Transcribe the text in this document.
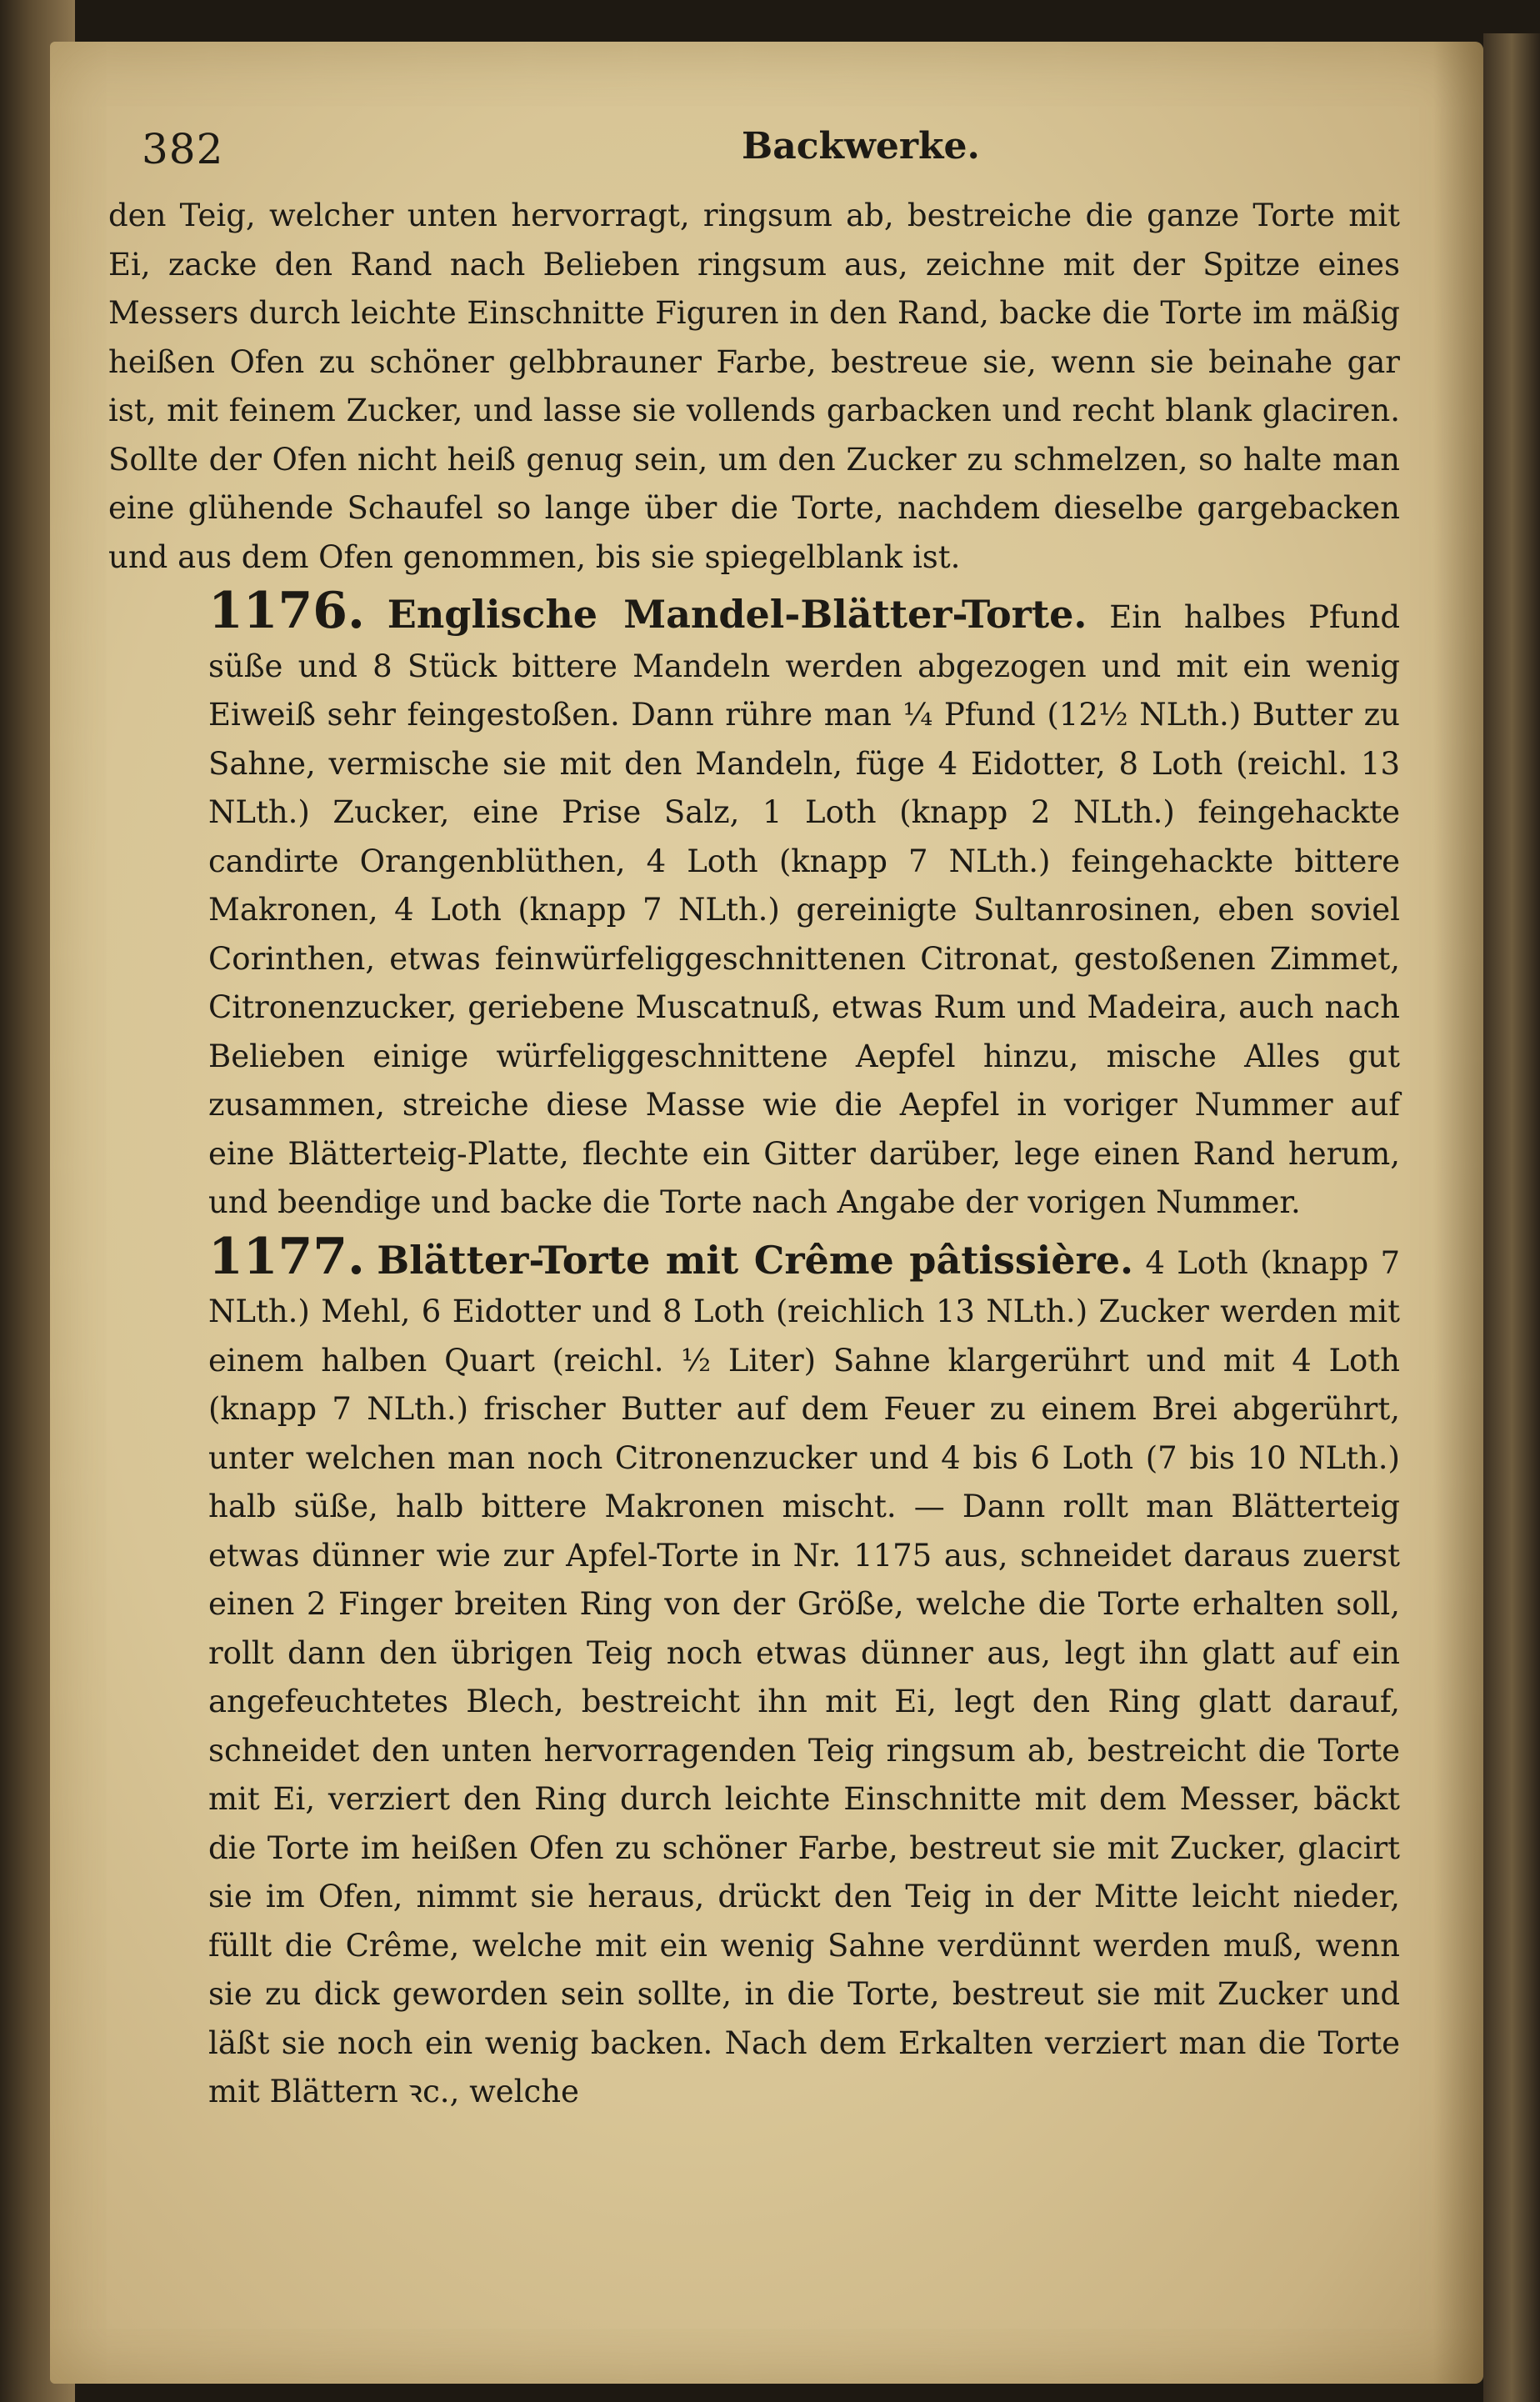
382	Backwerke.

den Teig, welcher unten hervorragt, ringsum ab, bestreiche die ganze Torte mit Ei, zacke den Rand nach Belieben ringsum aus, zeichne mit der Spitze eines Messers durch leichte Einschnitte Figuren in den Rand, backe die Torte im mäßig heißen Ofen zu schöner gelbbrauner Farbe, bestreue sie, wenn sie beinahe gar ist, mit feinem Zucker, und lasse sie vollends garbacken und recht blank glaciren. Sollte der Ofen nicht heiß genug sein, um den Zucker zu schmelzen, so halte man eine glühende Schaufel so lange über die Torte, nachdem dieselbe gargebacken und aus dem Ofen genommen, bis sie spiegelblank ist.

1176. Englische Mandel-Blätter-Torte. Ein halbes Pfund süße und 8 Stück bittere Mandeln werden abgezogen und mit ein wenig Eiweiß sehr feingestoßen. Dann rühre man ¼ Pfund (12½ NLth.) Butter zu Sahne, vermische sie mit den Mandeln, füge 4 Eidotter, 8 Loth (reichl. 13 NLth.) Zucker, eine Prise Salz, 1 Loth (knapp 2 NLth.) feingehackte candirte Orangenblüthen, 4 Loth (knapp 7 NLth.) feingehackte bittere Makronen, 4 Loth (knapp 7 NLth.) gereinigte Sultanrosinen, eben soviel Corinthen, etwas feinwürfeliggeschnittenen Citronat, gestoßenen Zimmet, Citronenzucker, geriebene Muscatnuß, etwas Rum und Madeira, auch nach Belieben einige würfeliggeschnittene Aepfel hinzu, mische Alles gut zusammen, streiche diese Masse wie die Aepfel in voriger Nummer auf eine Blätterteig-Platte, flechte ein Gitter darüber, lege einen Rand herum, und beendige und backe die Torte nach Angabe der vorigen Nummer.

1177. Blätter-Torte mit Crême pâtissière. 4 Loth (knapp 7 NLth.) Mehl, 6 Eidotter und 8 Loth (reichlich 13 NLth.) Zucker werden mit einem halben Quart (reichl. ½ Liter) Sahne klargerührt und mit 4 Loth (knapp 7 NLth.) frischer Butter auf dem Feuer zu einem Brei abgerührt, unter welchen man noch Citronenzucker und 4 bis 6 Loth (7 bis 10 NLth.) halb süße, halb bittere Makronen mischt. — Dann rollt man Blätterteig etwas dünner wie zur Apfel-Torte in Nr. 1175 aus, schneidet daraus zuerst einen 2 Finger breiten Ring von der Größe, welche die Torte erhalten soll, rollt dann den übrigen Teig noch etwas dünner aus, legt ihn glatt auf ein angefeuchtetes Blech, bestreicht ihn mit Ei, legt den Ring glatt darauf, schneidet den unten hervorragenden Teig ringsum ab, bestreicht die Torte mit Ei, verziert den Ring durch leichte Einschnitte mit dem Messer, bäckt die Torte im heißen Ofen zu schöner Farbe, bestreut sie mit Zucker, glacirt sie im Ofen, nimmt sie heraus, drückt den Teig in der Mitte leicht nieder, füllt die Crême, welche mit ein wenig Sahne verdünnt werden muß, wenn sie zu dick geworden sein sollte, in die Torte, bestreut sie mit Zucker und läßt sie noch ein wenig backen. Nach dem Erkalten verziert man die Torte mit Blättern ꝛc., welche
